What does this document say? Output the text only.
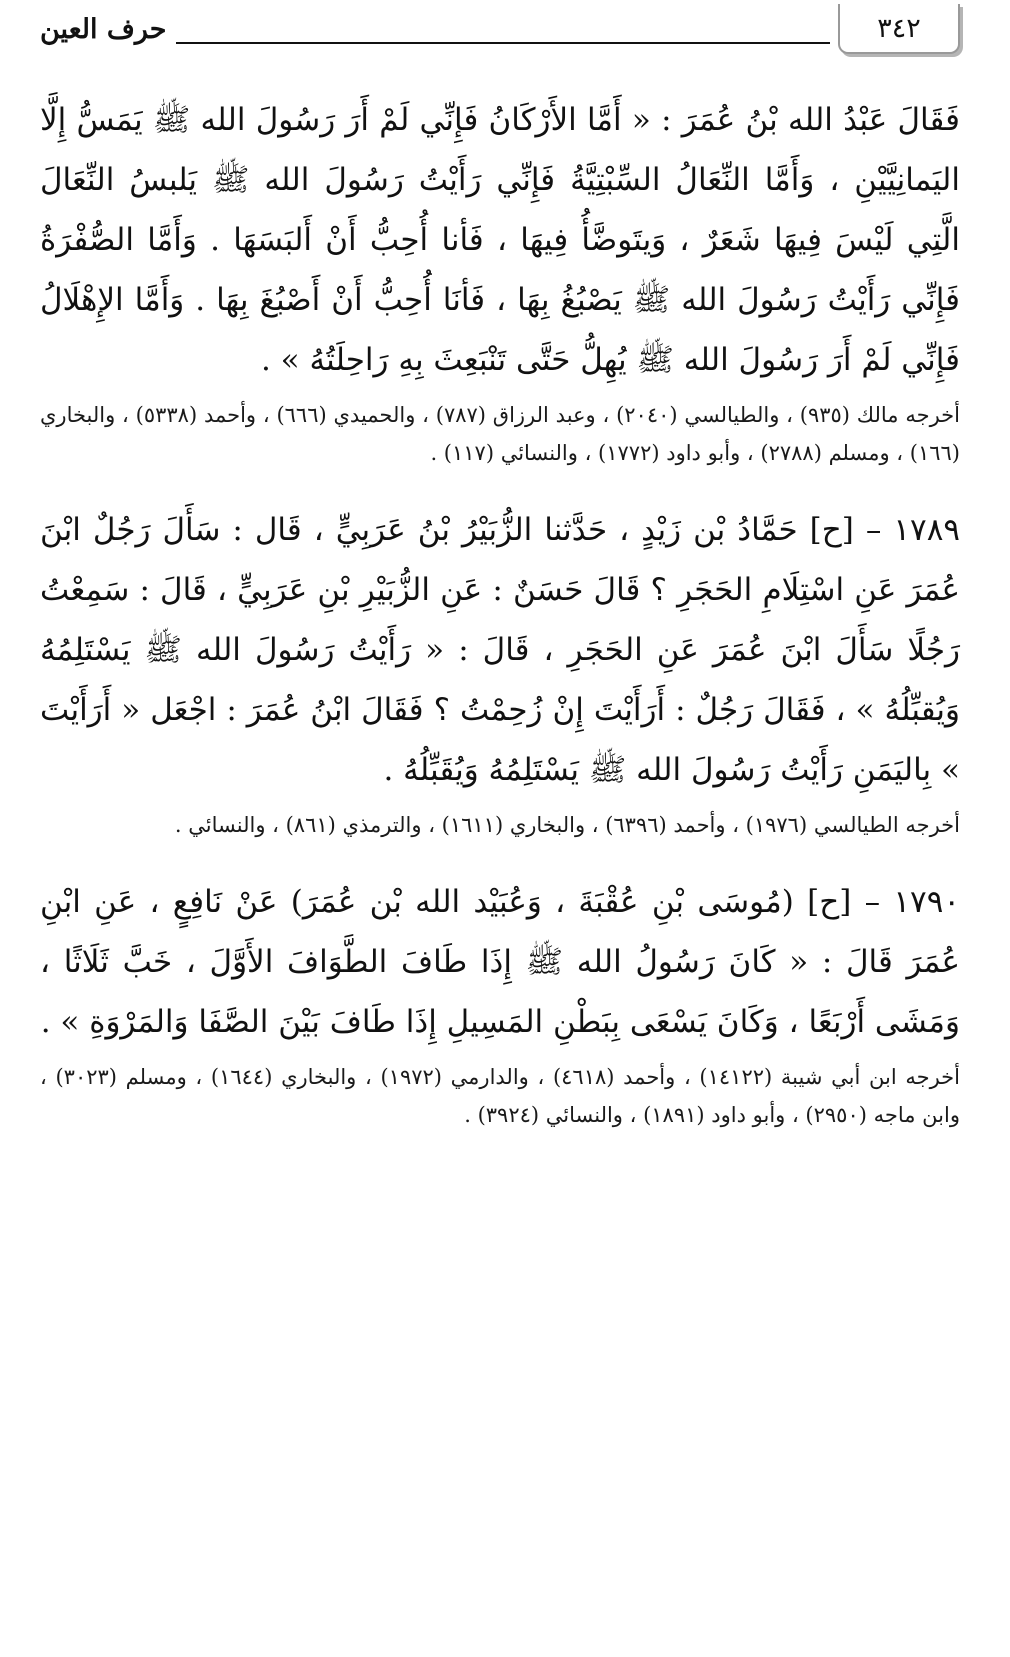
٣٤٢
حرف العين

فَقَالَ عَبْدُ الله بْنُ عُمَرَ : « أَمَّا الأَرْكَانُ فَإِنِّي لَمْ أَرَ رَسُولَ الله ﷺ يَمَسُّ إِلَّا اليَمانِيَّيْنِ ، وَأَمَّا النِّعَالُ السِّبْتِيَّةُ فَإِنِّي رَأَيْتُ رَسُولَ الله ﷺ يَلبسُ النِّعَالَ الَّتِي لَيْسَ فِيهَا شَعَرٌ ، وَيتَوضَّأُ فِيهَا ، فَأنا أُحِبُّ أَنْ أَلبَسَهَا . وَأَمَّا الصُّفْرَةُ فَإِنِّي رَأَيْتُ رَسُولَ الله ﷺ يَصْبُغُ بِهَا ، فَأنَا أُحِبُّ أَنْ أَصْبُغَ بِهَا . وَأَمَّا الإِهْلَالُ فَإِنِّي لَمْ أَرَ رَسُولَ الله ﷺ يُهِلُّ حَتَّى تَنْبَعِثَ بِهِ رَاحِلَتُهُ » .

أخرجه مالك (٩٣٥) ، والطيالسي (٢٠٤٠) ، وعبد الرزاق (٧٨٧) ، والحميدي (٦٦٦) ، وأحمد (٥٣٣٨) ، والبخاري (١٦٦) ، ومسلم (٢٧٨٨) ، وأبو داود (١٧٧٢) ، والنسائي (١١٧) .

١٧٨٩ – [ح] حَمَّادُ بْن زَيْدٍ ، حَدَّثنا الزُّبَيْرُ بْنُ عَرَبِيٍّ ، قَال : سَأَلَ رَجُلٌ ابْنَ عُمَرَ عَنِ اسْتِلَامِ الحَجَرِ ؟ قَالَ حَسَنٌ : عَنِ الزُّبَيْرِ بْنِ عَرَبِيٍّ ، قَالَ : سَمِعْتُ رَجُلًا سَأَلَ ابْنَ عُمَرَ عَنِ الحَجَرِ ، قَالَ : « رَأَيْتُ رَسُولَ الله ﷺ يَسْتَلِمُهُ وَيُقبِّلُهُ » ، فَقَالَ رَجُلٌ : أَرَأَيْتَ إِنْ زُحِمْتُ ؟ فَقَالَ ابْنُ عُمَرَ : اجْعَل « أَرَأَيْتَ » بِاليَمَنِ رَأَيْتُ رَسُولَ الله ﷺ يَسْتَلِمُهُ وَيُقَبِّلُهُ .

أخرجه الطيالسي (١٩٧٦) ، وأحمد (٦٣٩٦) ، والبخاري (١٦١١) ، والترمذي (٨٦١) ، والنسائي .

١٧٩٠ – [ح] (مُوسَى بْنِ عُقْبَةَ ، وَعُبَيْد الله بْن عُمَرَ) عَنْ نَافِعٍ ، عَنِ ابْنِ عُمَرَ قَالَ : « كَانَ رَسُولُ الله ﷺ إِذَا طَافَ الطَّوَافَ الأَوَّلَ ، خَبَّ ثَلَاثًا ، وَمَشَى أَرْبَعًا ، وَكَانَ يَسْعَى بِبَطْنِ المَسِيلِ إِذَا طَافَ بَيْنَ الصَّفَا وَالمَرْوَةِ » .

أخرجه ابن أبي شيبة (١٤١٢٢) ، وأحمد (٤٦١٨) ، والدارمي (١٩٧٢) ، والبخاري (١٦٤٤) ، ومسلم (٣٠٢٣) ، وابن ماجه (٢٩٥٠) ، وأبو داود (١٨٩١) ، والنسائي (٣٩٢٤) .
